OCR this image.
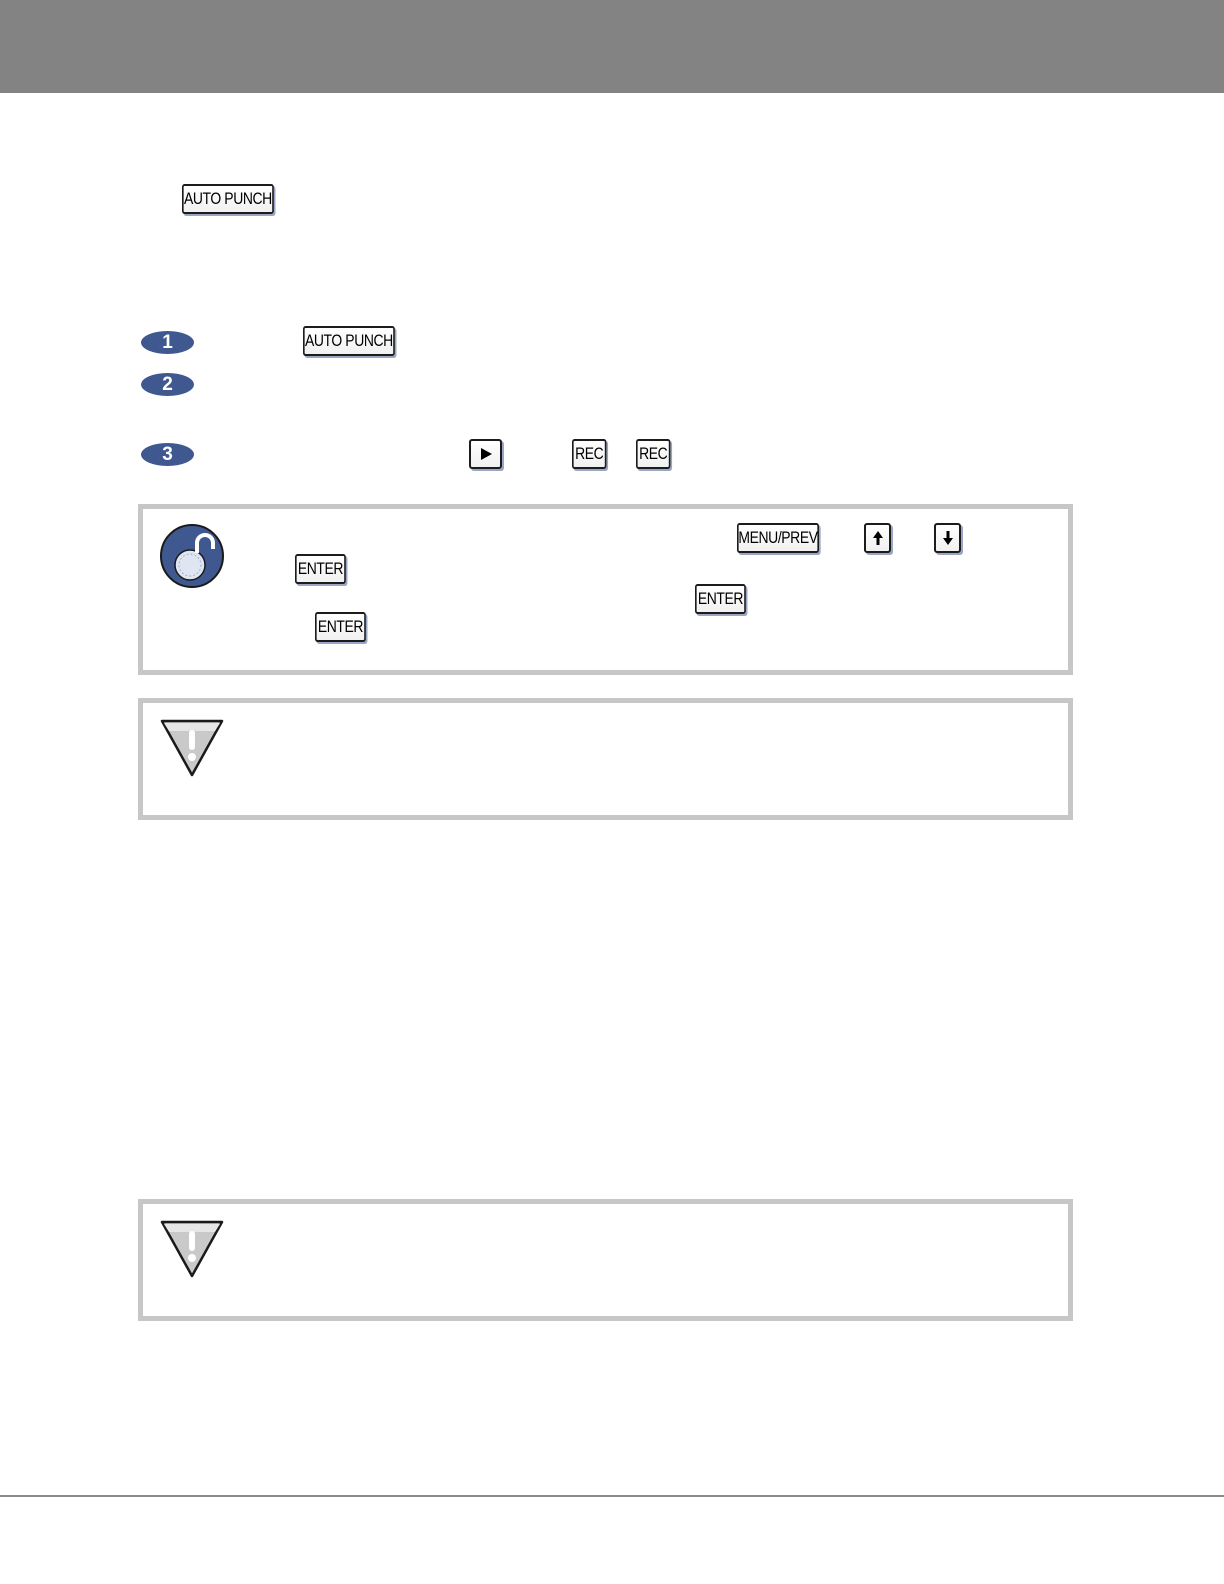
AUTO PUNCH
1	AUTO PUNCH
2
3	REC REC
MENU/PREV
ENTER
ENTER
ENTER
